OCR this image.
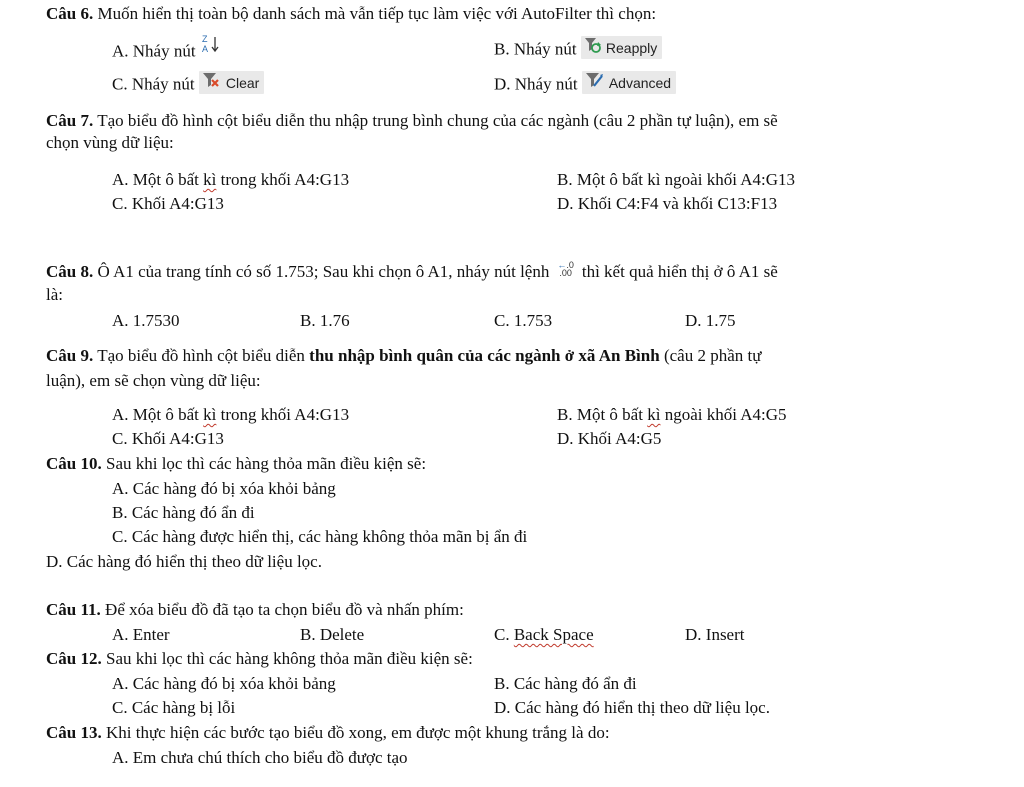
Câu 6. Muốn hiển thị toàn bộ danh sách mà vẫn tiếp tục làm việc với AutoFilter thì chọn:
A. Nháy nút
Z
A	B. Nháy nút Reapply
C. Nháy nút Clear	D. Nháy nút Advanced
Câu 7. Tạo biểu đồ hình cột biểu diễn thu nhập trung bình chung của các ngành (câu 2 phần tự luận), em sẽ
chọn vùng dữ liệu:
A. Một ô bất kì trong khối A4:G13	B. Một ô bất kì ngoài khối A4:G13
C. Khối A4:G13	D. Khối C4:F4 và khối C13:F13
Câu 8. Ô A1 của trang tính có số 1.753; Sau khi chọn ô A1, nháy nút lệnh ←.0
.00 thì kết quả hiển thị ở ô A1 sẽ
là:
A. 1.7530	B. 1.76	C. 1.753	D. 1.75
Câu 9. Tạo biểu đồ hình cột biểu diễn thu nhập bình quân của các ngành ở xã An Bình (câu 2 phần tự
luận), em sẽ chọn vùng dữ liệu:
A. Một ô bất kì trong khối A4:G13	B. Một ô bất kì ngoài khối A4:G5
C. Khối A4:G13	D. Khối A4:G5
Câu 10. Sau khi lọc thì các hàng thỏa mãn điều kiện sẽ:
A. Các hàng đó bị xóa khỏi bảng
B. Các hàng đó ẩn đi
C. Các hàng được hiển thị, các hàng không thỏa mãn bị ẩn đi
D. Các hàng đó hiển thị theo dữ liệu lọc.
Câu 11. Để xóa biểu đồ đã tạo ta chọn biểu đồ và nhấn phím:
A. Enter	B. Delete	C. Back Space	D. Insert
Câu 12. Sau khi lọc thì các hàng không thỏa mãn điều kiện sẽ:
A. Các hàng đó bị xóa khỏi bảng	B. Các hàng đó ẩn đi
C. Các hàng bị lỗi	D. Các hàng đó hiển thị theo dữ liệu lọc.
Câu 13. Khi thực hiện các bước tạo biểu đồ xong, em được một khung trắng là do:
A. Em chưa chú thích cho biểu đồ được tạo
